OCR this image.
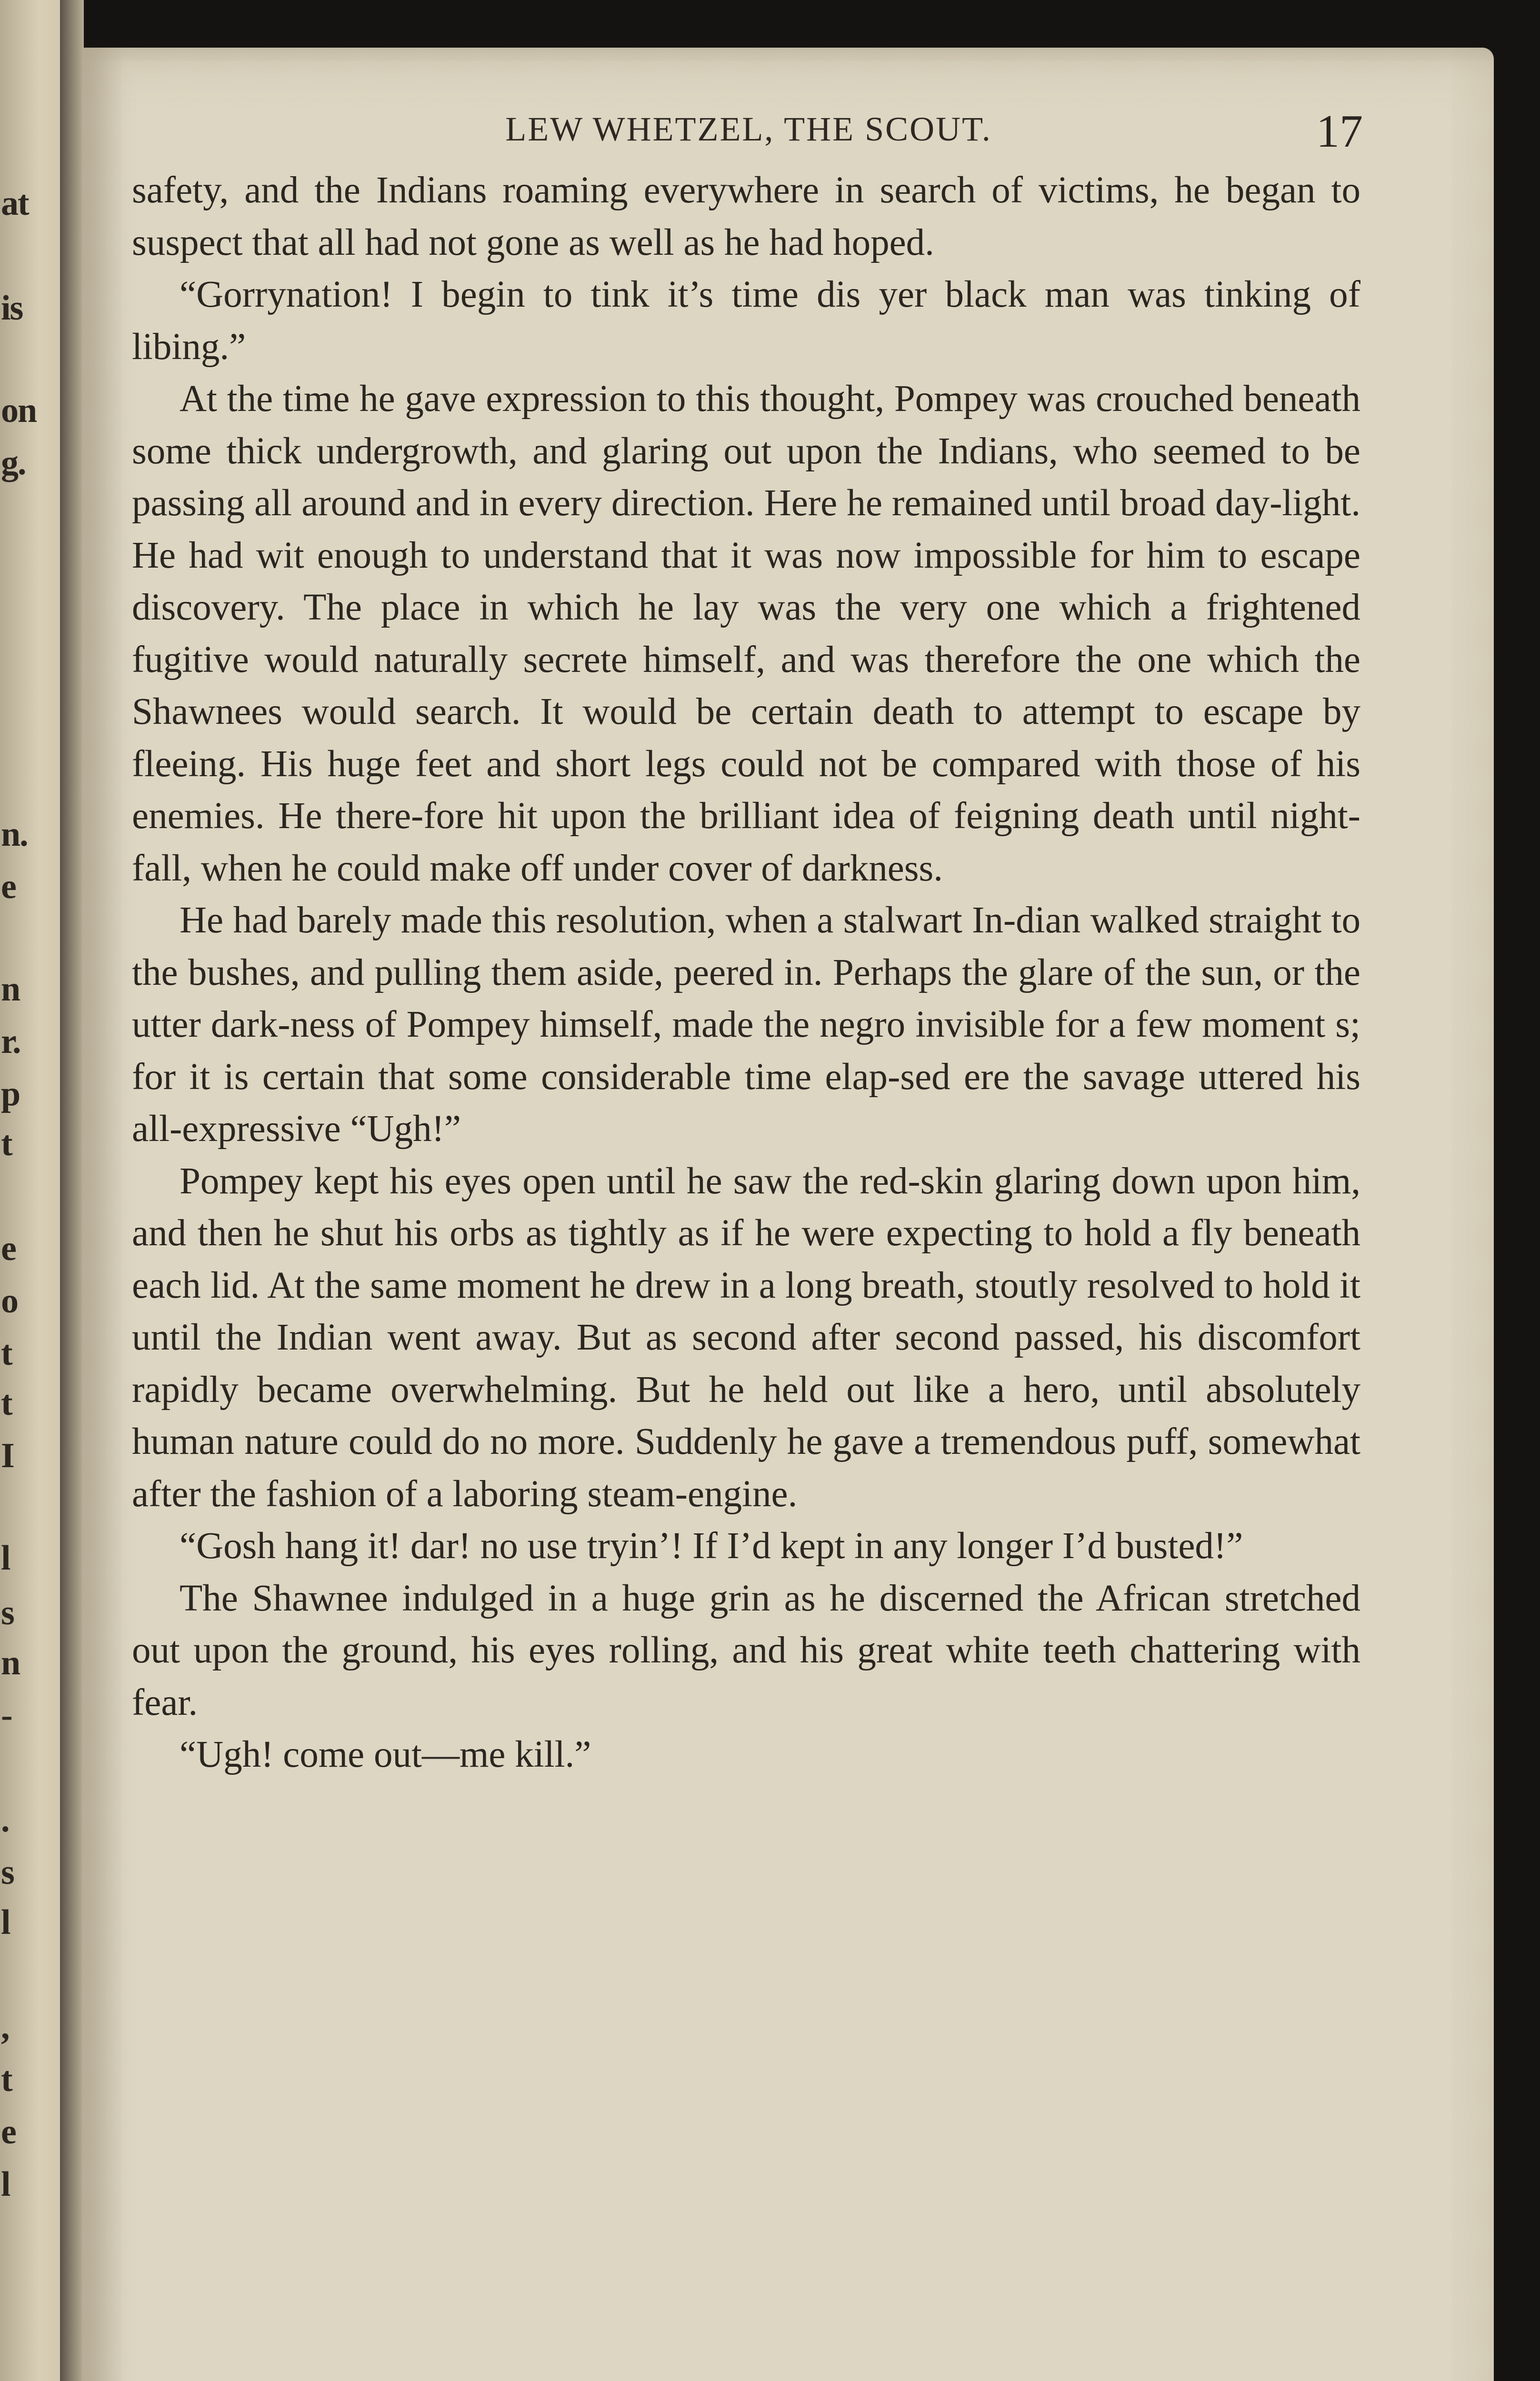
at
is
on
g.
n.
e
n
r.
p
t
e
o
t
t
I
l
s
n
-
.
s
l
,
t
e
l
LEW WHETZEL, THE SCOUT.	17

safety, and the Indians roaming everywhere in search of victims, he began to suspect that all had not gone as well as he had hoped.

“Gorrynation! I begin to tink it’s time dis yer black man was tinking of libing.”

At the time he gave expression to this thought, Pompey was crouched beneath some thick undergrowth, and glaring out upon the Indians, who seemed to be passing all around and in every direction. Here he remained until broad day-light. He had wit enough to understand that it was now impossible for him to escape discovery. The place in which he lay was the very one which a frightened fugitive would naturally secrete himself, and was therefore the one which the Shawnees would search. It would be certain death to attempt to escape by fleeing. His huge feet and short legs could not be compared with those of his enemies. He there-fore hit upon the brilliant idea of feigning death until night-fall, when he could make off under cover of darkness.

He had barely made this resolution, when a stalwart In-dian walked straight to the bushes, and pulling them aside, peered in. Perhaps the glare of the sun, or the utter dark-ness of Pompey himself, made the negro invisible for a few moment s; for it is certain that some considerable time elap-sed ere the savage uttered his all-expressive “Ugh!”

Pompey kept his eyes open until he saw the red-skin glaring down upon him, and then he shut his orbs as tightly as if he were expecting to hold a fly beneath each lid. At the same moment he drew in a long breath, stoutly resolved to hold it until the Indian went away. But as second after second passed, his discomfort rapidly became overwhelming. But he held out like a hero, until absolutely human nature could do no more. Suddenly he gave a tremendous puff, somewhat after the fashion of a laboring steam-engine.

“Gosh hang it! dar! no use tryin’! If I’d kept in any longer I’d busted!”

The Shawnee indulged in a huge grin as he discerned the African stretched out upon the ground, his eyes rolling, and his great white teeth chattering with fear.

“Ugh! come out—me kill.”
